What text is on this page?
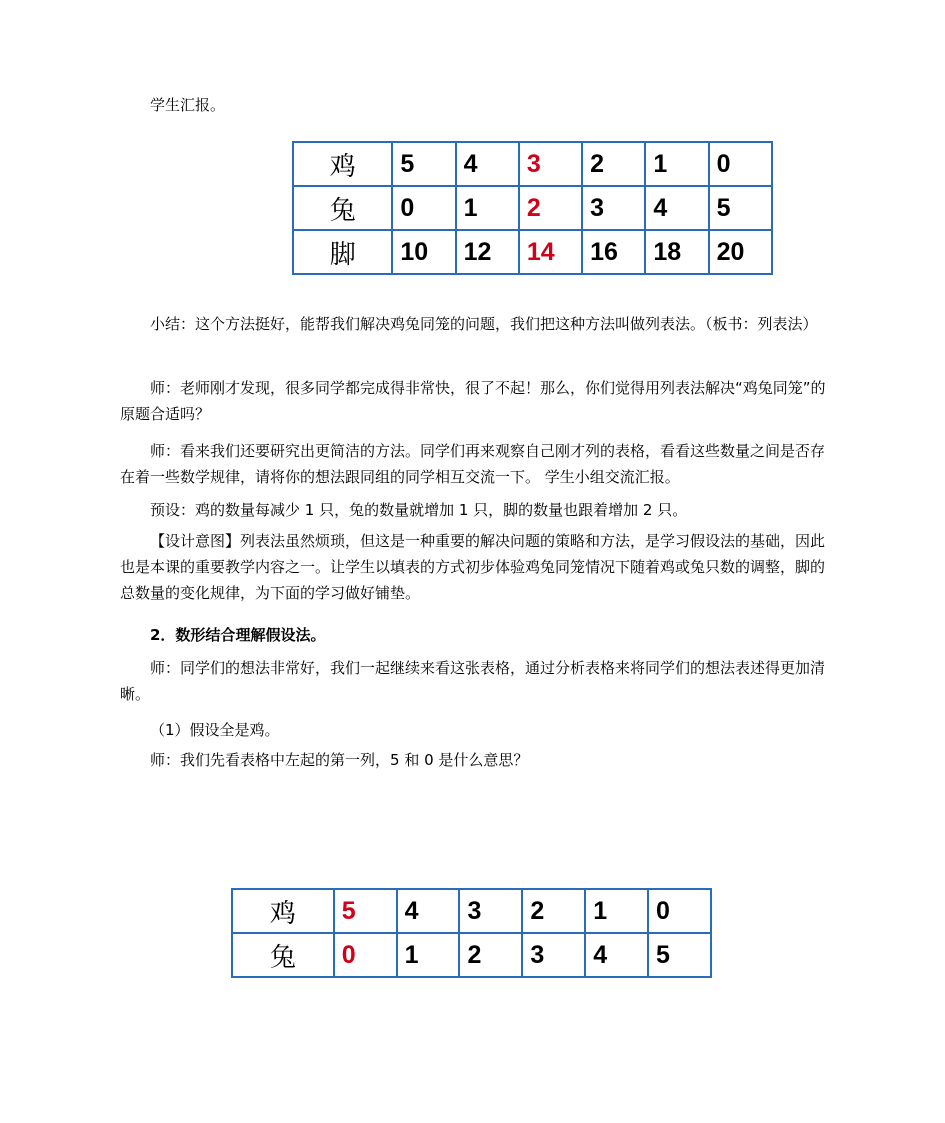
学生汇报。

鸡	5	4	3	2	1	0
兔	0	1	2	3	4	5
脚	10	12	14	16	18	20

小结：这个方法挺好，能帮我们解决鸡兔同笼的问题，我们把这种方法叫做列表法。（板书：列表法）

师：老师刚才发现，很多同学都完成得非常快，很了不起！那么，你们觉得用列表法解决“鸡兔同笼”的原题合适吗？

师：看来我们还要研究出更简洁的方法。同学们再来观察自己刚才列的表格，看看这些数量之间是否存在着一些数学规律，请将你的想法跟同组的同学相互交流一下。 学生小组交流汇报。

预设：鸡的数量每减少 1 只，兔的数量就增加 1 只，脚的数量也跟着增加 2 只。

【设计意图】列表法虽然烦琐，但这是一种重要的解决问题的策略和方法，是学习假设法的基础，因此也是本课的重要教学内容之一。让学生以填表的方式初步体验鸡兔同笼情况下随着鸡或兔只数的调整，脚的总数量的变化规律，为下面的学习做好铺垫。

2．数形结合理解假设法。

师：同学们的想法非常好，我们一起继续来看这张表格，通过分析表格来将同学们的想法表述得更加清晰。

（1）假设全是鸡。

师：我们先看表格中左起的第一列，5 和 0 是什么意思？

鸡	5	4	3	2	1	0
兔	0	1	2	3	4	5
